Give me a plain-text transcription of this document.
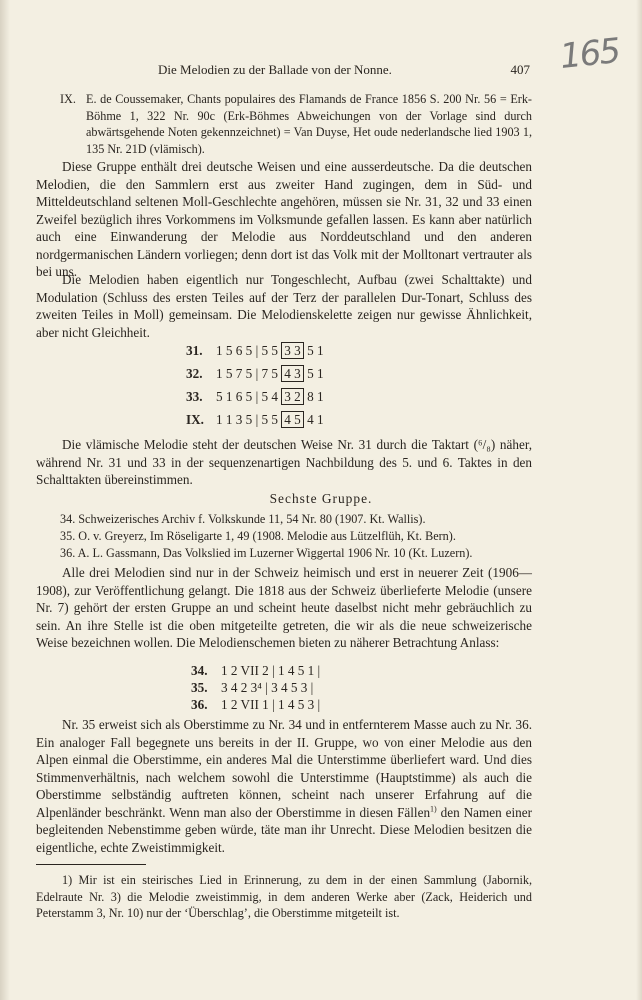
165
Die Melodien zu der Ballade von der Nonne.	407
IX. E. de Coussemaker, Chants populaires des Flamands de France 1856 S. 200 Nr. 56 = Erk-Böhme 1, 322 Nr. 90c (Erk-Böhmes Abweichungen von der Vorlage sind durch abwärtsgehende Noten gekennzeichnet) = Van Duyse, Het oude nederlandsche lied 1903 1, 135 Nr. 21D (vlämisch).
Diese Gruppe enthält drei deutsche Weisen und eine ausserdeutsche. Da die deutschen Melodien, die den Sammlern erst aus zweiter Hand zugingen, dem in Süd- und Mitteldeutschland seltenen Moll-Geschlechte angehören, müssen sie Nr. 31, 32 und 33 einen Zweifel bezüglich ihres Vorkommens im Volksmunde gefallen lassen. Es kann aber natürlich auch eine Einwanderung der Melodie aus Norddeutschland und den anderen nordgermanischen Ländern vorliegen; denn dort ist das Volk mit der Molltonart vertrauter als bei uns.
Die Melodien haben eigentlich nur Tongeschlecht, Aufbau (zwei Schalttakte) und Modulation (Schluss des ersten Teiles auf der Terz der parallelen Dur-Tonart, Schluss des zweiten Teiles in Moll) gemeinsam. Die Melodienskelette zeigen nur gewisse Ähnlichkeit, aber nicht Gleichheit.
31. 1 5 6 5 | 5 5 3 3 5 1
32. 1 5 7 5 | 7 5 4 3 5 1
33. 5 1 6 5 | 5 4 3 2 8 1
IX. 1 1 3 5 | 5 5 4 5 4 1
Die vlämische Melodie steht der deutschen Weise Nr. 31 durch die Taktart (⁶/₈) näher, während Nr. 31 und 33 in der sequenzenartigen Nachbildung des 5. und 6. Taktes in den Schalttakten übereinstimmen.
Sechste Gruppe.
34. Schweizerisches Archiv f. Volkskunde 11, 54 Nr. 80 (1907. Kt. Wallis).
35. O. v. Greyerz, Im Röseligarte 1, 49 (1908. Melodie aus Lützelflüh, Kt. Bern).
36. A. L. Gassmann, Das Volkslied im Luzerner Wiggertal 1906 Nr. 10 (Kt. Luzern).
Alle drei Melodien sind nur in der Schweiz heimisch und erst in neuerer Zeit (1906—1908), zur Veröffentlichung gelangt. Die 1818 aus der Schweiz überlieferte Melodie (unsere Nr. 7) gehört der ersten Gruppe an und scheint heute daselbst nicht mehr gebräuchlich zu sein. An ihre Stelle ist die oben mitgeteilte getreten, die wir als die neue schweizerische Weise bezeichnen wollen. Die Melodienschemen bieten zu näherer Betrachtung Anlass:
34. 1 2 VII 2 | 1 4 5 1 |
35. 3 4 2 3⁴ | 3 4 5 3 |
36. 1 2 VII 1 | 1 4 5 3 |
Nr. 35 erweist sich als Oberstimme zu Nr. 34 und in entfernterem Masse auch zu Nr. 36. Ein analoger Fall begegnete uns bereits in der II. Gruppe, wo von einer Melodie aus den Alpen einmal die Oberstimme, ein anderes Mal die Unterstimme überliefert ward. Und dies Stimmenverhältnis, nach welchem sowohl die Unterstimme (Hauptstimme) als auch die Oberstimme selbständig auftreten können, scheint nach unserer Erfahrung auf die Alpenländer beschränkt. Wenn man also der Oberstimme in diesen Fällen$^{1)}$ den Namen einer begleitenden Nebenstimme geben würde, täte man ihr Unrecht. Diese Melodien besitzen die eigentliche, echte Zweistimmigkeit.
1) Mir ist ein steirisches Lied in Erinnerung, zu dem in der einen Sammlung (Jabornik, Edelraute Nr. 3) die Melodie zweistimmig, in dem anderen Werke aber (Zack, Heiderich und Peterstamm 3, Nr. 10) nur der ‘Überschlag’, die Oberstimme mitgeteilt ist.
